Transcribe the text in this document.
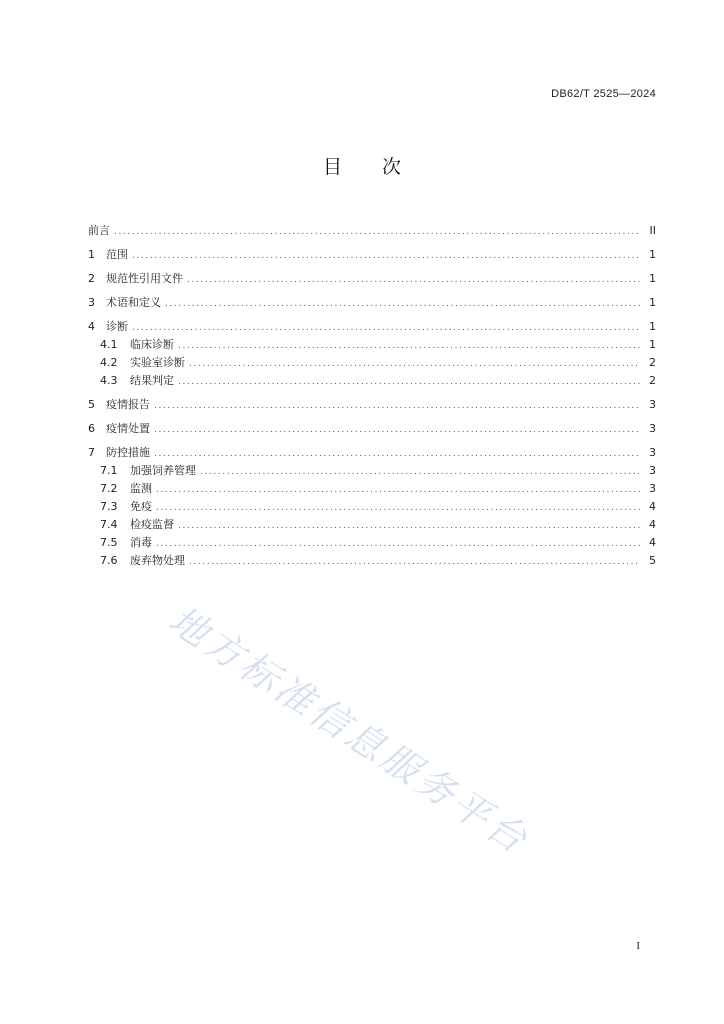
DB62/T 2525—2024
目 次
前言 .....	II
1	范围 .....	1
2	规范性引用文件 .....	1
3	术语和定义 .....	1
4	诊断 .....	1
4.1	临床诊断 .....	1
4.2	实验室诊断 .....	2
4.3	结果判定 .....	2
5	疫情报告 .....	3
6	疫情处置 .....	3
7	防控措施 .....	3
7.1	加强饲养管理 .....	3
7.2	监测 .....	3
7.3	免疫 .....	4
7.4	检疫监督 .....	4
7.5	消毒 .....	4
7.6	废弃物处理 .....	5
地方标准信息服务平台
I
